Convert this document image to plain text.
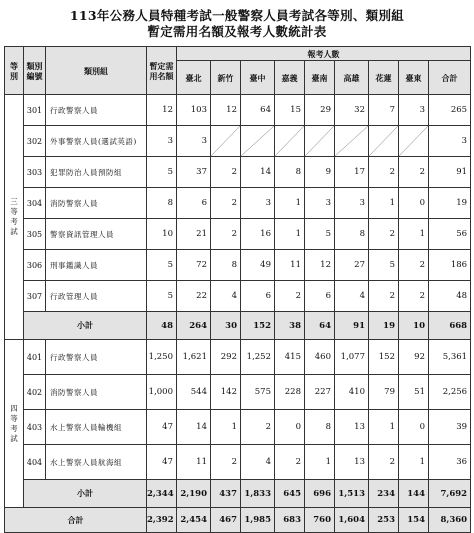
113年公務人員特種考試一般警察人員考試各等別、類別組
暫定需用名額及報考人數統計表
等
別	類別編號	類別組	暫定需用名額	報考人數								
				臺北	新竹	臺中	嘉義	臺南	高雄	花蓮	臺東	合計

三
等
考
試	301	行政警察人員	12	103	12	64	15	29	32	7	3	265
	302	外事警察人員(選試英語)	3	3								3
	303	犯罪防治人員預防組	5	37	2	14	8	9	17	2	2	91
	304	消防警察人員	8	6	2	3	1	3	3	1	0	19
	305	警察資訊管理人員	10	21	2	16	1	5	8	2	1	56
	306	刑事鑑識人員	5	72	8	49	11	12	27	5	2	186
	307	行政管理人員	5	22	4	6	2	6	4	2	2	48
	小計		48	264	30	152	38	64	91	19	10	668

四
等
考
試	401	行政警察人員	1,250	1,621	292	1,252	415	460	1,077	152	92	5,361
	402	消防警察人員	1,000	544	142	575	228	227	410	79	51	2,256
	403	水上警察人員輪機組	47	14	1	2	0	8	13	1	0	39
	404	水上警察人員航海組	47	11	2	4	2	1	13	2	1	36
	小計		2,344	2,190	437	1,833	645	696	1,513	234	144	7,692
合計			2,392	2,454	467	1,985	683	760	1,604	253	154	8,360
